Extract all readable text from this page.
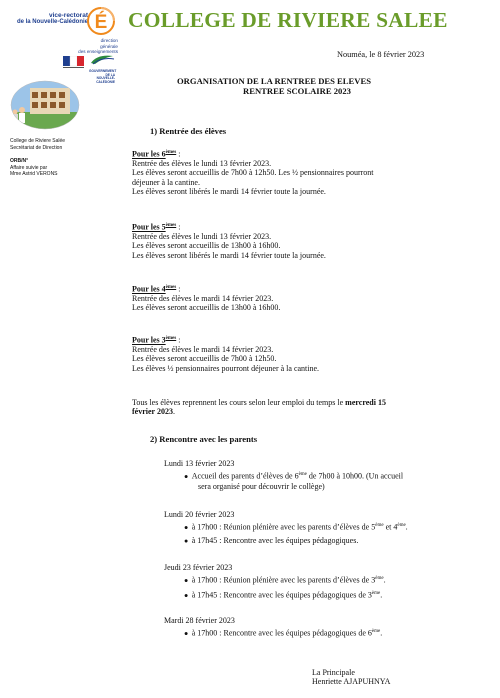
vice-rectorat
de la Nouvelle-Calédonie É
direction
générale
des enseignements
GOUVERNEMENT DE LA
NOUVELLE-
CALÉDONIE
COLLEGE DE RIVIERE SALEE
College de Riviere Salée
Secrétariat de Direction
ORB/N°
Affaire suivie par
Mme Astrid VERONS
Nouméa, le 8 février 2023
ORGANISATION DE LA RENTREE DES ELEVES
RENTREE SCOLAIRE 2023
1) Rentrée des élèves
Pour les 6èmes :
Rentrée des élèves le lundi 13 février 2023.
Les élèves seront accueillis de 7h00 à 12h50. Les ½ pensionnaires pourront
déjeuner à la cantine.
Les élèves seront libérés le mardi 14 février toute la journée.
Pour les 5èmes :
Rentrée des élèves le lundi 13 février 2023.
Les élèves seront accueillis de 13h00 à 16h00.
Les élèves seront libérés le mardi 14 février toute la journée.
Pour les 4èmes :
Rentrée des élèves le mardi 14 février 2023.
Les élèves seront accueillis de 13h00 à 16h00.
Pour les 3èmes :
Rentrée des élèves le mardi 14 février 2023.
Les élèves seront accueillis de 7h00 à 12h50.
Les élèves ½ pensionnaires pourront déjeuner à la cantine.
Tous les élèves reprennent les cours selon leur emploi du temps le mercredi 15
février 2023.
2) Rencontre avec les parents
Lundi 13 février 2023
●  Accueil des parents d’élèves de 6ème de 7h00 à 10h00. (Un accueil
sera organisé pour découvrir le collège)
Lundi 20 février 2023
●  à 17h00 : Réunion plénière avec les parents d’élèves de 5ème et 4ème.
●  à 17h45 : Rencontre avec les équipes pédagogiques.
Jeudi 23 février 2023
●  à 17h00 : Réunion plénière avec les parents d’élèves de 3ème.
●  à 17h45 : Rencontre avec les équipes pédagogiques de 3ème.
Mardi 28 février 2023
●  à 17h00 : Rencontre avec les équipes pédagogiques de 6ème.
La Principale
Henriette AJAPUHNYA
